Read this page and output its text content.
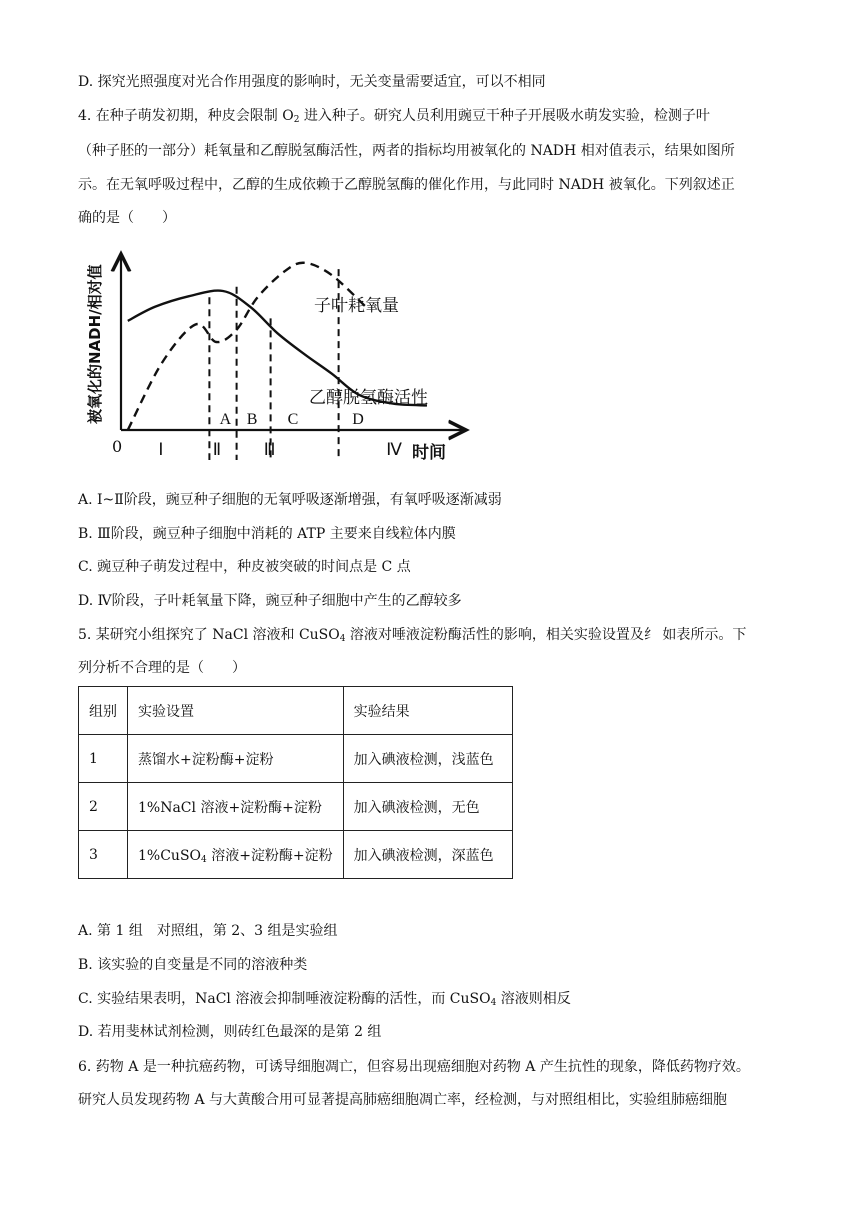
D. 探究光照强度对光合作用强度的影响时，无关变量需要适宜，可以不相同
4. 在种子萌发初期，种皮会限制 $O_2$ 进入种子。研究人员利用豌豆干种子开展吸水萌发实验，检测子叶
（种子胚的一部分）耗氧量和乙醇脱氢酶活性，两者的指标均用被氧化的 NADH 相对值表示，结果如图所
示。在无氧呼吸过程中，乙醇的生成依赖于乙醇脱氢酶的催化作用，与此同时 NADH 被氧化。下列叙述正
确的是（　　）
A B C	D
Ⅰ	Ⅱ	Ⅲ	Ⅳ
被氧化的NADH/相对值
时间
0
子叶耗氧量
乙醇脱氢酶活性
A. Ⅰ~Ⅱ阶段，豌豆种子细胞的无氧呼吸逐渐增强，有氧呼吸逐渐减弱
B. Ⅲ阶段，豌豆种子细胞中消耗的 ATP 主要来自线粒体内膜
C. 豌豆种子萌发过程中，种皮被突破的时间点是 C 点
D. Ⅳ阶段，子叶耗氧量下降，豌豆种子细胞中产生的乙醇较多
5. 某研究小组探究了 NaCl 溶液和 CuSO$_4$ 溶液对唾液淀粉酶活性的影响，相关实验设置及纟 如表所示。下
列分析不合理的是（　　）
组别	实验设置	实验结果
1	蒸馏水+淀粉酶+淀粉	加入碘液检测，浅蓝色
2	1%NaCl 溶液+淀粉酶+淀粉	加入碘液检测，无色
3	1%CuSO$_4$ 溶液+淀粉酶+淀粉	加入碘液检测，深蓝色
A. 第 1 组　对照组，第 2、3 组是实验组
B. 该实验的自变量是不同的溶液种类
C. 实验结果表明，NaCl 溶液会抑制唾液淀粉酶的活性，而 CuSO$_4$ 溶液则相反
D. 若用斐林试剂检测，则砖红色最深的是第 2 组
6. 药物 A 是一种抗癌药物，可诱导细胞凋亡，但容易出现癌细胞对药物 A 产生抗性的现象，降低药物疗效。
研究人员发现药物 A 与大黄酸合用可显著提高肺癌细胞凋亡率，经检测，与对照组相比，实验组肺癌细胞
